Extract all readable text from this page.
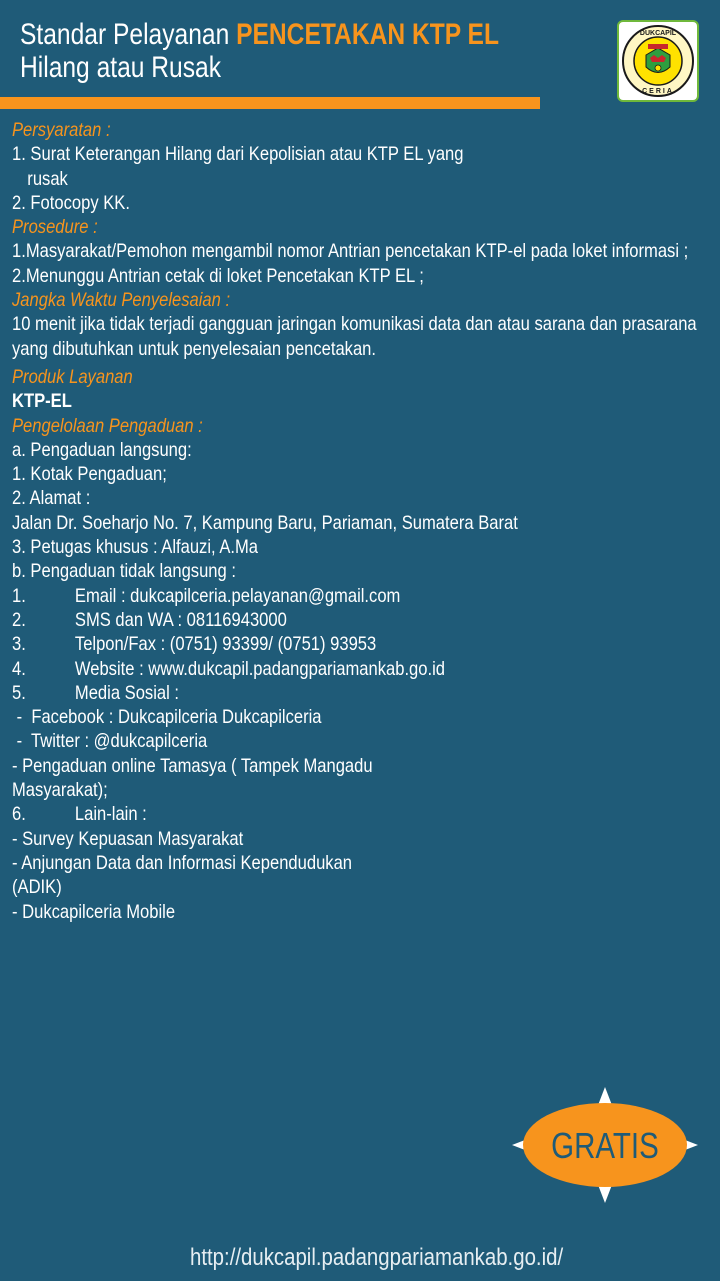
Standar Pelayanan PENCETAKAN KTP EL
Hilang atau Rusak
DUKCAPIL
CERIA
Persyaratan :
1. Surat Keterangan Hilang dari Kepolisian atau KTP EL yang
rusak
2. Fotocopy KK.
Prosedure :
1.Masyarakat/Pemohon mengambil nomor Antrian pencetakan KTP-el pada loket informasi ;
2.Menunggu Antrian cetak di loket Pencetakan KTP EL ;
Jangka Waktu Penyelesaian :
10 menit jika tidak terjadi gangguan jaringan komunikasi data dan atau sarana dan prasarana
yang dibutuhkan untuk penyelesaian pencetakan.
Produk Layanan
KTP-EL
Pengelolaan Pengaduan :
a. Pengaduan langsung:
1. Kotak Pengaduan;
2. Alamat :
Jalan Dr. Soeharjo No. 7, Kampung Baru, Pariaman, Sumatera Barat
3. Petugas khusus : Alfauzi, A.Ma
b. Pengaduan tidak langsung :
1.	Email : dukcapilceria.pelayanan@gmail.com
2.	SMS dan WA : 08116943000
3.	Telpon/Fax : (0751) 93399/ (0751) 93953
4.	Website : www.dukcapil.padangpariamankab.go.id
5.	Media Sosial :
-  Facebook : Dukcapilceria Dukcapilceria
-  Twitter : @dukcapilceria
- Pengaduan online Tamasya ( Tampek Mangadu
Masyarakat);
6.	Lain-lain :
- Survey Kepuasan Masyarakat
- Anjungan Data dan Informasi Kependudukan
(ADIK)
- Dukcapilceria Mobile
GRATIS
http://dukcapil.padangpariamankab.go.id/
